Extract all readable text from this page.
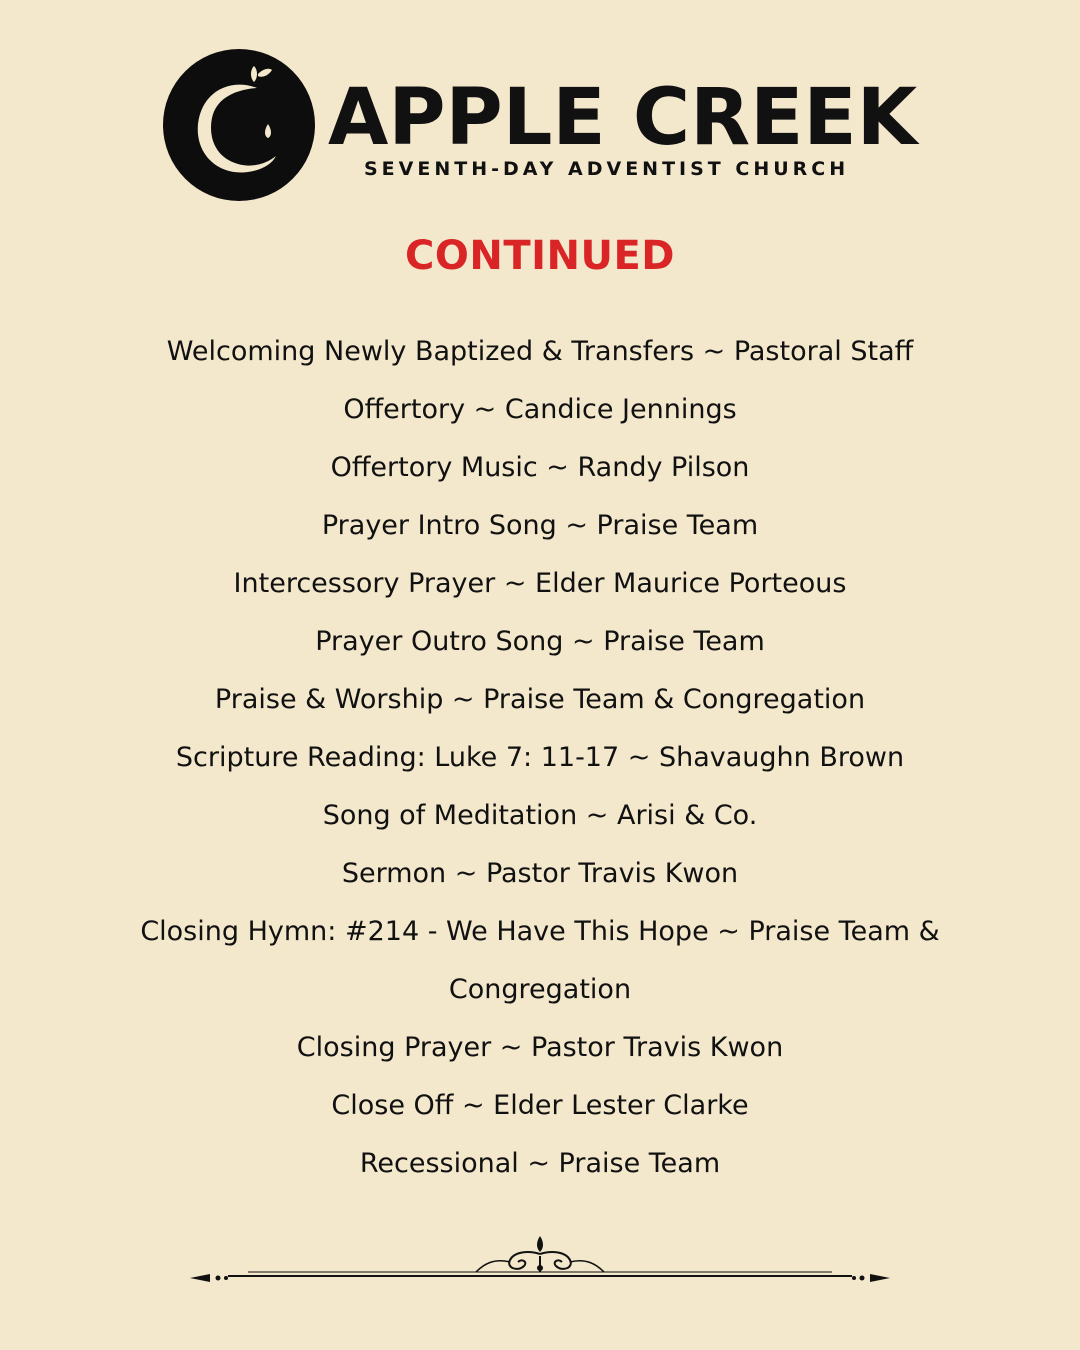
APPLE CREEK
SEVENTH-DAY ADVENTIST CHURCH
CONTINUED
Welcoming Newly Baptized & Transfers ~ Pastoral Staff
Offertory ~ Candice Jennings
Offertory Music ~ Randy Pilson
Prayer Intro Song ~ Praise Team
Intercessory Prayer ~ Elder Maurice Porteous
Prayer Outro Song ~ Praise Team
Praise & Worship ~ Praise Team & Congregation
Scripture Reading: Luke 7: 11-17 ~ Shavaughn Brown
Song of Meditation ~ Arisi & Co.
Sermon ~ Pastor Travis Kwon
Closing Hymn: #214 - We Have This Hope ~ Praise Team & Congregation
Closing Prayer ~ Pastor Travis Kwon
Close Off ~ Elder Lester Clarke
Recessional ~ Praise Team
